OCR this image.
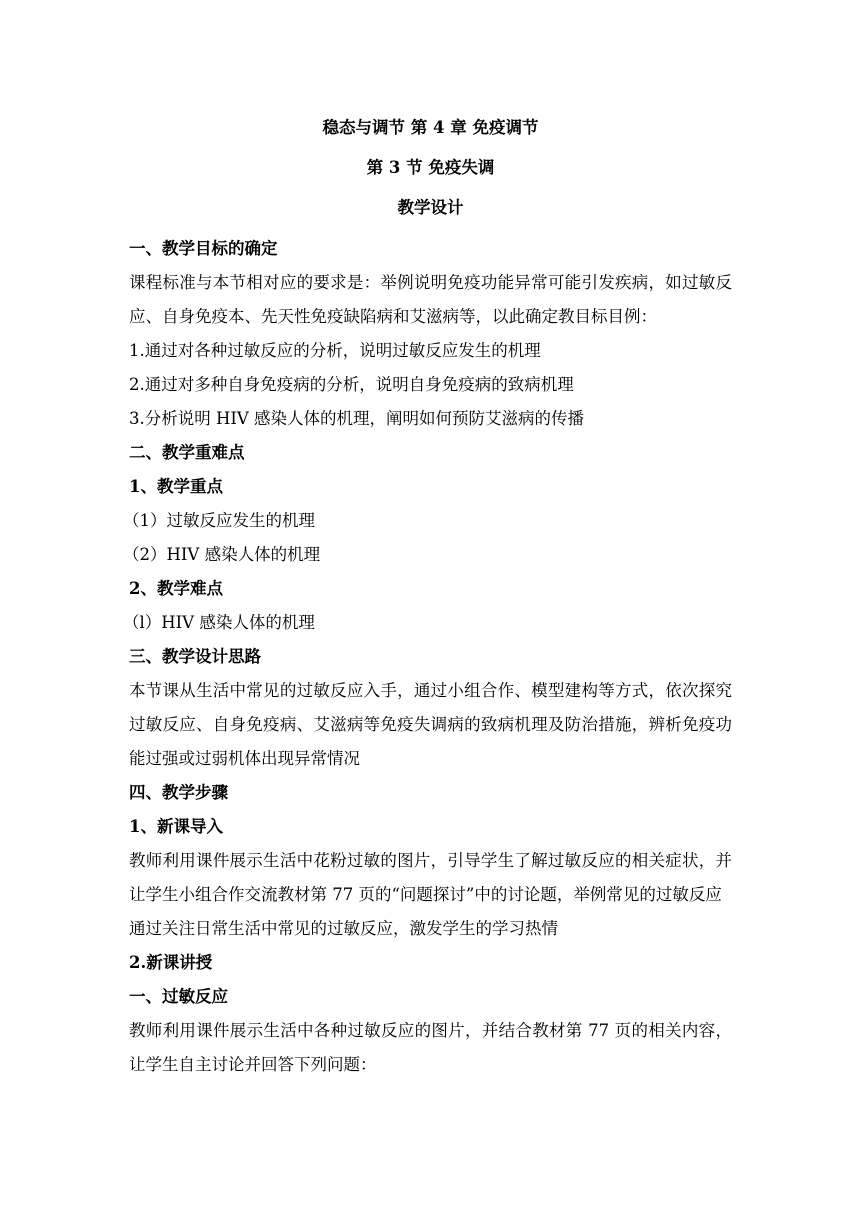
稳态与调节 第 4 章 免疫调节

第 3 节 免疫失调

教学设计

一、教学目标的确定

课程标准与本节相对应的要求是：举例说明免疫功能异常可能引发疾病，如过敏反应、自身免疫本、先天性免疫缺陷病和艾滋病等，以此确定教目标目例：

1.通过对各种过敏反应的分析，说明过敏反应发生的机理

2.通过对多种自身免疫病的分析，说明自身免疫病的致病机理

3.分析说明 HIV 感染人体的机理，阐明如何预防艾滋病的传播

二、教学重难点

1、教学重点

（1）过敏反应发生的机理

（2）HIV 感染人体的机理

2、教学难点

（l）HIV 感染人体的机理

三、教学设计思路

本节课从生活中常见的过敏反应入手，通过小组合作、模型建构等方式，依次探究过敏反应、自身免疫病、艾滋病等免疫失调病的致病机理及防治措施，辨析免疫功能过强或过弱机体出现异常情况

四、教学步骤

1、新课导入

教师利用课件展示生活中花粉过敏的图片，引导学生了解过敏反应的相关症状，并让学生小组合作交流教材第 77 页的“问题探讨”中的讨论题，举例常见的过敏反应

通过关注日常生活中常见的过敏反应，激发学生的学习热情

2.新课讲授

一、过敏反应

教师利用课件展示生活中各种过敏反应的图片，并结合教材第 77 页的相关内容，让学生自主讨论并回答下列问题：
